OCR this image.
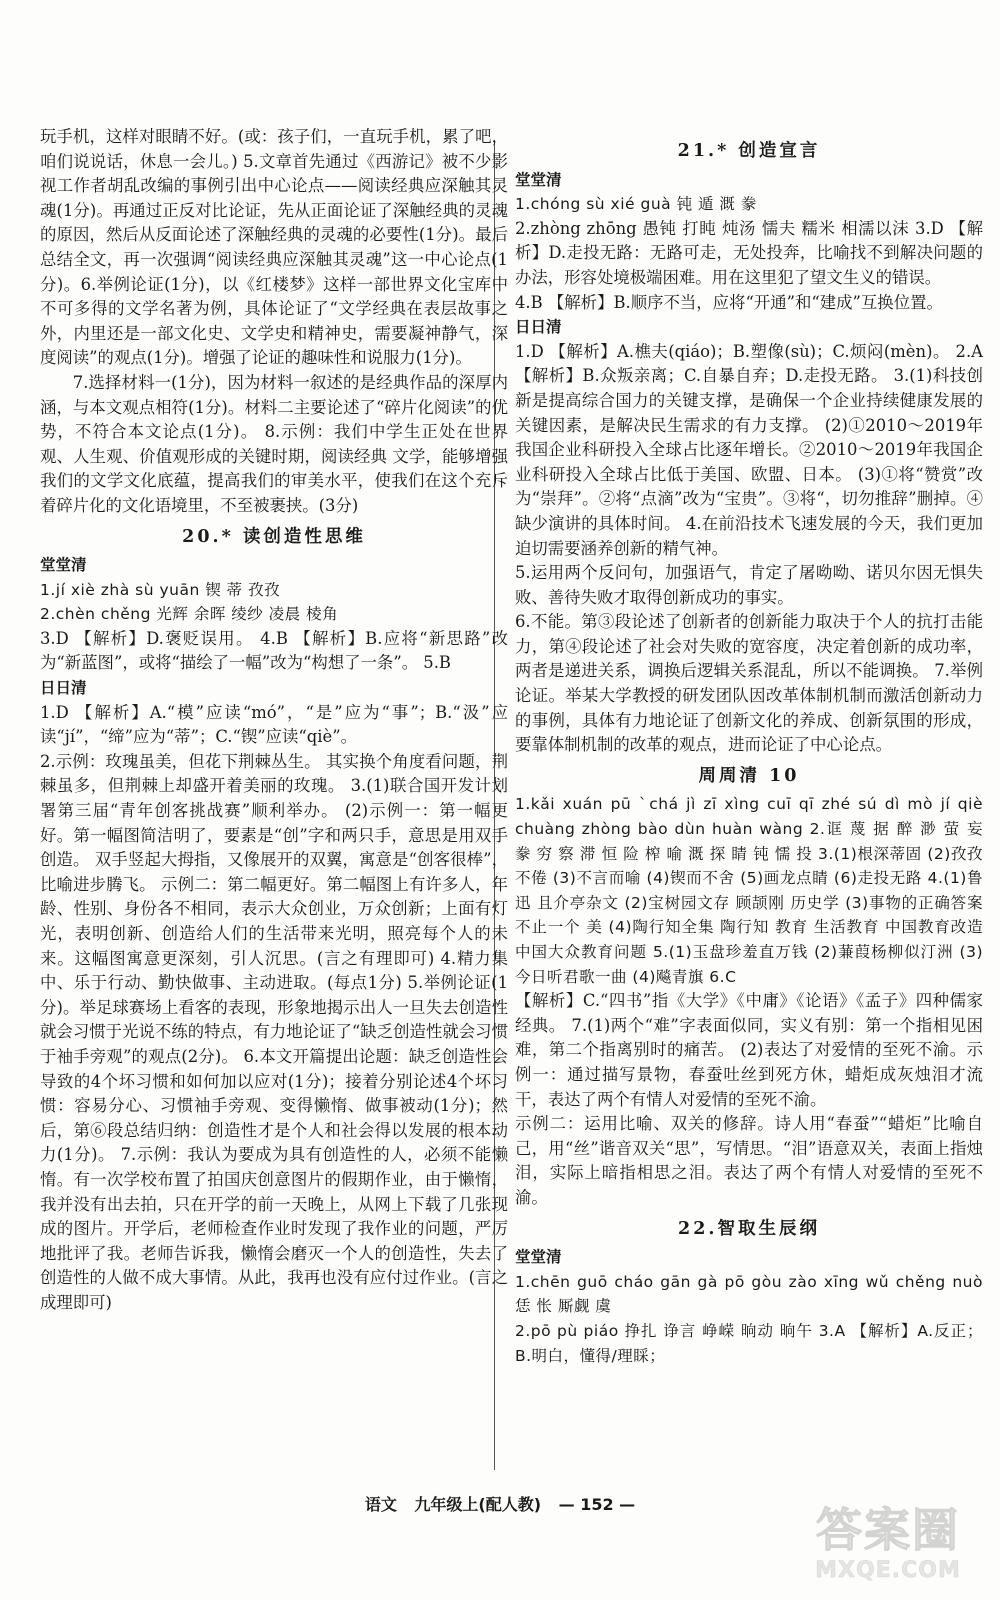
玩手机，这样对眼睛不好。(或：孩子们，一直玩手机，累了吧，咱们说说话，休息一会儿。) 5.文章首先通过《西游记》被不少影视工作者胡乱改编的事例引出中心论点——阅读经典应深触其灵魂(1分)。再通过正反对比论证，先从正面论证了深触经典的灵魂的原因，然后从反面论述了深触经典的灵魂的必要性(1分)。最后总结全文，再一次强调“阅读经典应深触其灵魂”这一中心论点(1分)。6.举例论证(1分)，以《红楼梦》这样一部世界文化宝库中不可多得的文学名著为例，具体论证了“文学经典在表层故事之外，内里还是一部文化史、文学史和精神史，需要凝神静气，深度阅读”的观点(1分)。增强了论证的趣味性和说服力(1分)。

7.选择材料一(1分)，因为材料一叙述的是经典作品的深厚内涵，与本文观点相符(1分)。材料二主要论述了“碎片化阅读”的优势，不符合本文论点(1分)。 8.示例：我们中学生正处在世界观、人生观、价值观形成的关键时期，阅读经典 文学，能够增强我们的文学文化底蕴，提高我们的审美水平，使我们在这个充斥着碎片化的文化语境里，不至被裹挟。(3分)

20.* 读创造性思维

堂堂清

1.jí xiè zhà sù yuān 锲 蒂 孜孜

2.chèn chěng 光辉 余晖 绫纱 凌晨 棱角

3.D 【解析】D.褒贬误用。 4.B 【解析】B.应将“新思路”改为“新蓝图”，或将“描绘了一幅”改为“构想了一条”。 5.B

日日清

1.D 【解析】A.“模”应读“mó”，“是”应为“事”；B.“汲”应读“jí”，“缔”应为“蒂”；C.“锲”应读“qiè”。

2.示例：玫瑰虽美，但花下荆棘丛生。 其实换个角度看问题，荆棘虽多，但荆棘上却盛开着美丽的玫瑰。 3.(1)联合国开发计划署第三届“青年创客挑战赛”顺利举办。 (2)示例一：第一幅更好。第一幅图简洁明了，要素是“创”字和两只手，意思是用双手创造。 双手竖起大拇指，又像展开的双翼，寓意是“创客很棒”，比喻进步腾飞。 示例二：第二幅更好。第二幅图上有许多人，年龄、性别、身份各不相同，表示大众创业，万众创新；上面有灯光，表明创新、创造给人们的生活带来光明，照亮每个人的未来。这幅图寓意更深刻，引人沉思。(言之有理即可) 4.精力集中、乐于行动、勤快做事、主动进取。(每点1分) 5.举例论证(1分)。举足球赛场上看客的表现，形象地揭示出人一旦失去创造性就会习惯于光说不练的特点，有力地论证了“缺乏创造性就会习惯于袖手旁观”的观点(2分)。 6.本文开篇提出论题：缺乏创造性会导致的4个坏习惯和如何加以应对(1分)；接着分别论述4个坏习惯：容易分心、习惯袖手旁观、变得懒惰、做事被动(1分)；然后，第⑥段总结归纳：创造性才是个人和社会得以发展的根本动力(1分)。 7.示例：我认为要成为具有创造性的人，必须不能懒惰。有一次学校布置了拍国庆创意图片的假期作业，由于懒惰，我并没有出去拍，只在开学的前一天晚上，从网上下载了几张现成的图片。开学后，老师检查作业时发现了我作业的问题，严厉地批评了我。老师告诉我，懒惰会磨灭一个人的创造性，失去了创造性的人做不成大事情。从此，我再也没有应付过作业。(言之成理即可)

21.* 创造宣言

堂堂清

1.chóng sù xié guà 钝 遁 溉 豢

2.zhòng zhōng 愚钝 打盹 炖汤 懦夫 糯米 相濡以沫 3.D 【解析】D.走投无路：无路可走，无处投奔，比喻找不到解决问题的办法，形容处境极端困难。用在这里犯了望文生义的错误。

4.B 【解析】B.顺序不当，应将“开通”和“建成”互换位置。

日日清

1.D 【解析】A.樵夫(qiáo)；B.塑像(sù)；C.烦闷(mèn)。 2.A 【解析】B.众叛亲离；C.自暴自弃；D.走投无路。 3.(1)科技创新是提高综合国力的关键支撑，是确保一个企业持续健康发展的关键因素，是解决民生需求的有力支撑。 (2)①2010～2019年我国企业科研投入全球占比逐年增长。②2010～2019年我国企业科研投入全球占比低于美国、欧盟、日本。 (3)①将“赞赏”改为“崇拜”。②将“点滴”改为“宝贵”。③将“，切勿推辞”删掉。④缺少演讲的具体时间。 4.在前沿技术飞速发展的今天，我们更加迫切需要涵养创新的精气神。

5.运用两个反问句，加强语气，肯定了屠呦呦、诺贝尔因无惧失败、善待失败才取得创新成功的事实。

6.不能。第③段论述了创新者的创新能力取决于个人的抗打击能力，第④段论述了社会对失败的宽容度，决定着创新的成功率，两者是递进关系，调换后逻辑关系混乱，所以不能调换。 7.举例论证。举某大学教授的研发团队因改革体制机制而激活创新动力的事例，具体有力地论证了创新文化的养成、创新氛围的形成，要靠体制机制的改革的观点，进而论证了中心论点。

周周清 10

1.kǎi xuán pū ˋchá jì zī xìng cuī qī zhé sú dì mò jí qiè chuàng zhòng bào dùn huàn wàng 2.诓 蔑 据 醉 渺 萤 妄 豢 穷 察 滞 恒 险 榨 喻 溉 探 睛 钝 懦 投 3.(1)根深蒂固 (2)孜孜不倦 (3)不言而喻 (4)锲而不舍 (5)画龙点睛 (6)走投无路 4.(1)鲁迅 且介亭杂文 (2)宝树园文存 顾颉刚 历史学 (3)事物的正确答案不止一个 美 (4)陶行知全集 陶行知 教育 生活教育 中国教育改造 中国大众教育问题 5.(1)玉盘珍羞直万钱 (2)蒹葭杨柳似汀洲 (3)今日听君歌一曲 (4)飚青旗 6.C

【解析】C.“四书”指《大学》《中庸》《论语》《孟子》四种儒家经典。 7.(1)两个“难”字表面似同，实义有别：第一个指相见困难，第二个指离别时的痛苦。 (2)表达了对爱情的至死不渝。示例一：通过描写景物，春蚕吐丝到死方休，蜡炬成灰烛泪才流干，表达了两个有情人对爱情的至死不渝。

示例二：运用比喻、双关的修辞。诗人用“春蚕”“蜡炬”比喻自己，用“丝”谐音双关“思”，写情思。“泪”语意双关，表面上指烛泪，实际上暗指相思之泪。表达了两个有情人对爱情的至死不渝。

22.智取生辰纲

堂堂清

1.chēn guō cháo gān gà pō gòu zào xīng wǔ chěng nuò 恁 怅 厮觑 虞

2.pō pù piáo 挣扎 诤言 峥嵘 晌动 晌午 3.A 【解析】A.反正；B.明白，懂得/理睬；

语文 九年级上(配人教) — 152 —	答案圈
MXQE.COM
